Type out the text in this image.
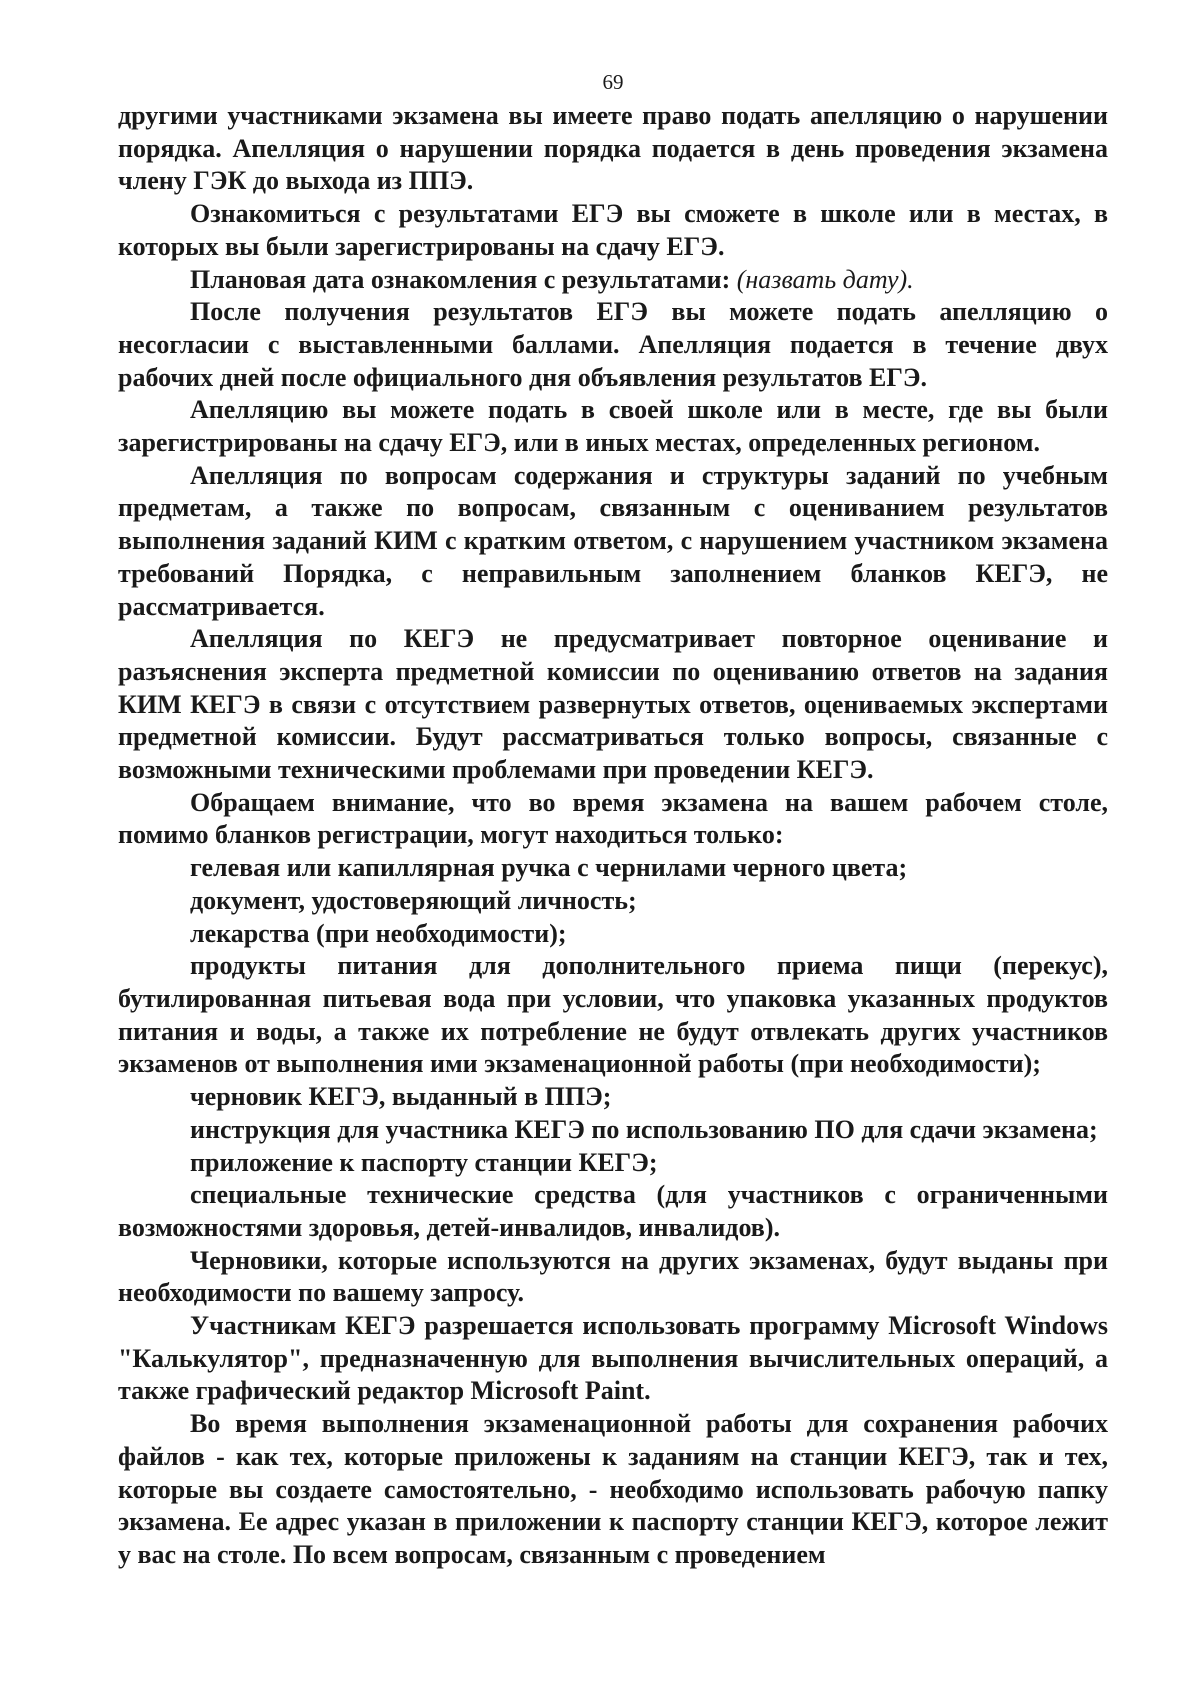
69

другими участниками экзамена вы имеете право подать апелляцию о нарушении порядка. Апелляция о нарушении порядка подается в день проведения экзамена члену ГЭК до выхода из ППЭ.

Ознакомиться с результатами ЕГЭ вы сможете в школе или в местах, в которых вы были зарегистрированы на сдачу ЕГЭ.

Плановая дата ознакомления с результатами: (назвать дату).

После получения результатов ЕГЭ вы можете подать апелляцию о несогласии с выставленными баллами. Апелляция подается в течение двух рабочих дней после официального дня объявления результатов ЕГЭ.

Апелляцию вы можете подать в своей школе или в месте, где вы были зарегистрированы на сдачу ЕГЭ, или в иных местах, определенных регионом.

Апелляция по вопросам содержания и структуры заданий по учебным предметам, а также по вопросам, связанным с оцениванием результатов выполнения заданий КИМ с кратким ответом, с нарушением участником экзамена требований Порядка, с неправильным заполнением бланков КЕГЭ, не рассматривается.

Апелляция по КЕГЭ не предусматривает повторное оценивание и разъяснения эксперта предметной комиссии по оцениванию ответов на задания КИМ КЕГЭ в связи с отсутствием развернутых ответов, оцениваемых экспертами предметной комиссии. Будут рассматриваться только вопросы, связанные с возможными техническими проблемами при проведении КЕГЭ.

Обращаем внимание, что во время экзамена на вашем рабочем столе, помимо бланков регистрации, могут находиться только:

гелевая или капиллярная ручка с чернилами черного цвета;

документ, удостоверяющий личность;

лекарства (при необходимости);

продукты питания для дополнительного приема пищи (перекус), бутилированная питьевая вода при условии, что упаковка указанных продуктов питания и воды, а также их потребление не будут отвлекать других участников экзаменов от выполнения ими экзаменационной работы (при необходимости);

черновик КЕГЭ, выданный в ППЭ;

инструкция для участника КЕГЭ по использованию ПО для сдачи экзамена;

приложение к паспорту станции КЕГЭ;

специальные технические средства (для участников с ограниченными возможностями здоровья, детей-инвалидов, инвалидов).

Черновики, которые используются на других экзаменах, будут выданы при необходимости по вашему запросу.

Участникам КЕГЭ разрешается использовать программу Microsoft Windows "Калькулятор", предназначенную для выполнения вычислительных операций, а также графический редактор Microsoft Paint.

Во время выполнения экзаменационной работы для сохранения рабочих файлов - как тех, которые приложены к заданиям на станции КЕГЭ, так и тех, которые вы создаете самостоятельно, - необходимо использовать рабочую папку экзамена. Ее адрес указан в приложении к паспорту станции КЕГЭ, которое лежит у вас на столе. По всем вопросам, связанным с проведением
